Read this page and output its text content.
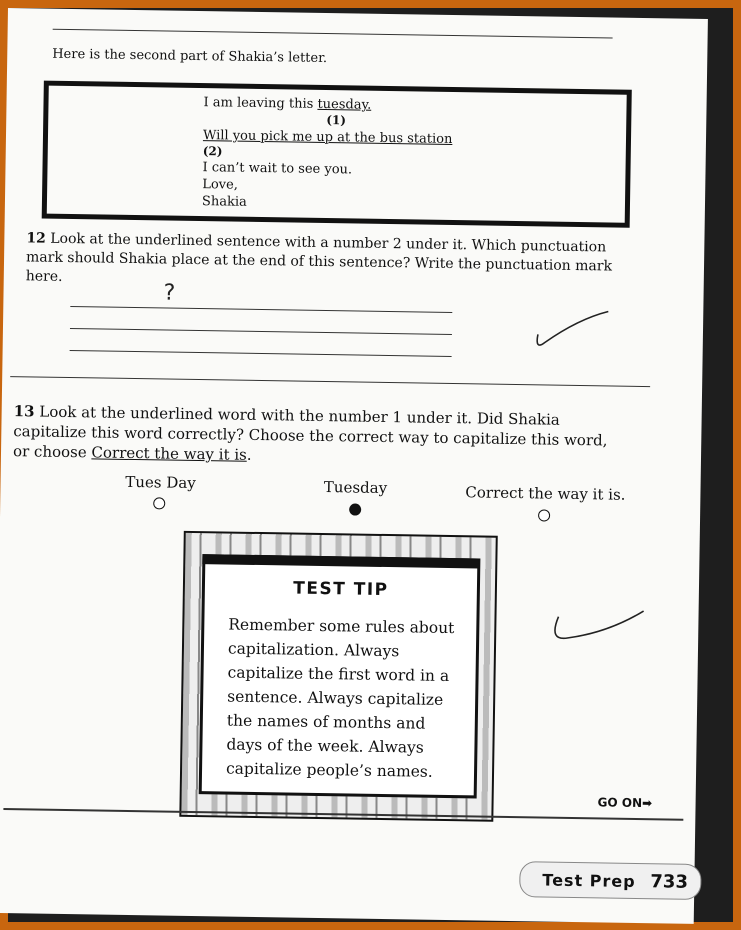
Here is the second part of Shakia’s letter.
I am leaving this tuesday.
(1)
Will you pick me up at the bus station
(2)
I can’t wait to see you.
Love,
Shakia
12 Look at the underlined sentence with a number 2 under it. Which punctuation mark should Shakia place at the end of this sentence? Write the punctuation mark here.
?
13 Look at the underlined word with the number 1 under it. Did Shakia capitalize this word correctly? Choose the correct way to capitalize this word, or choose Correct the way it is.
Tues Day	Tuesday	Correct the way it is.
TEST TIP
Remember some rules about capitalization. Always capitalize the first word in a sentence. Always capitalize the names of months and days of the week. Always capitalize people’s names.
GO ON➡
Test Prep 733
